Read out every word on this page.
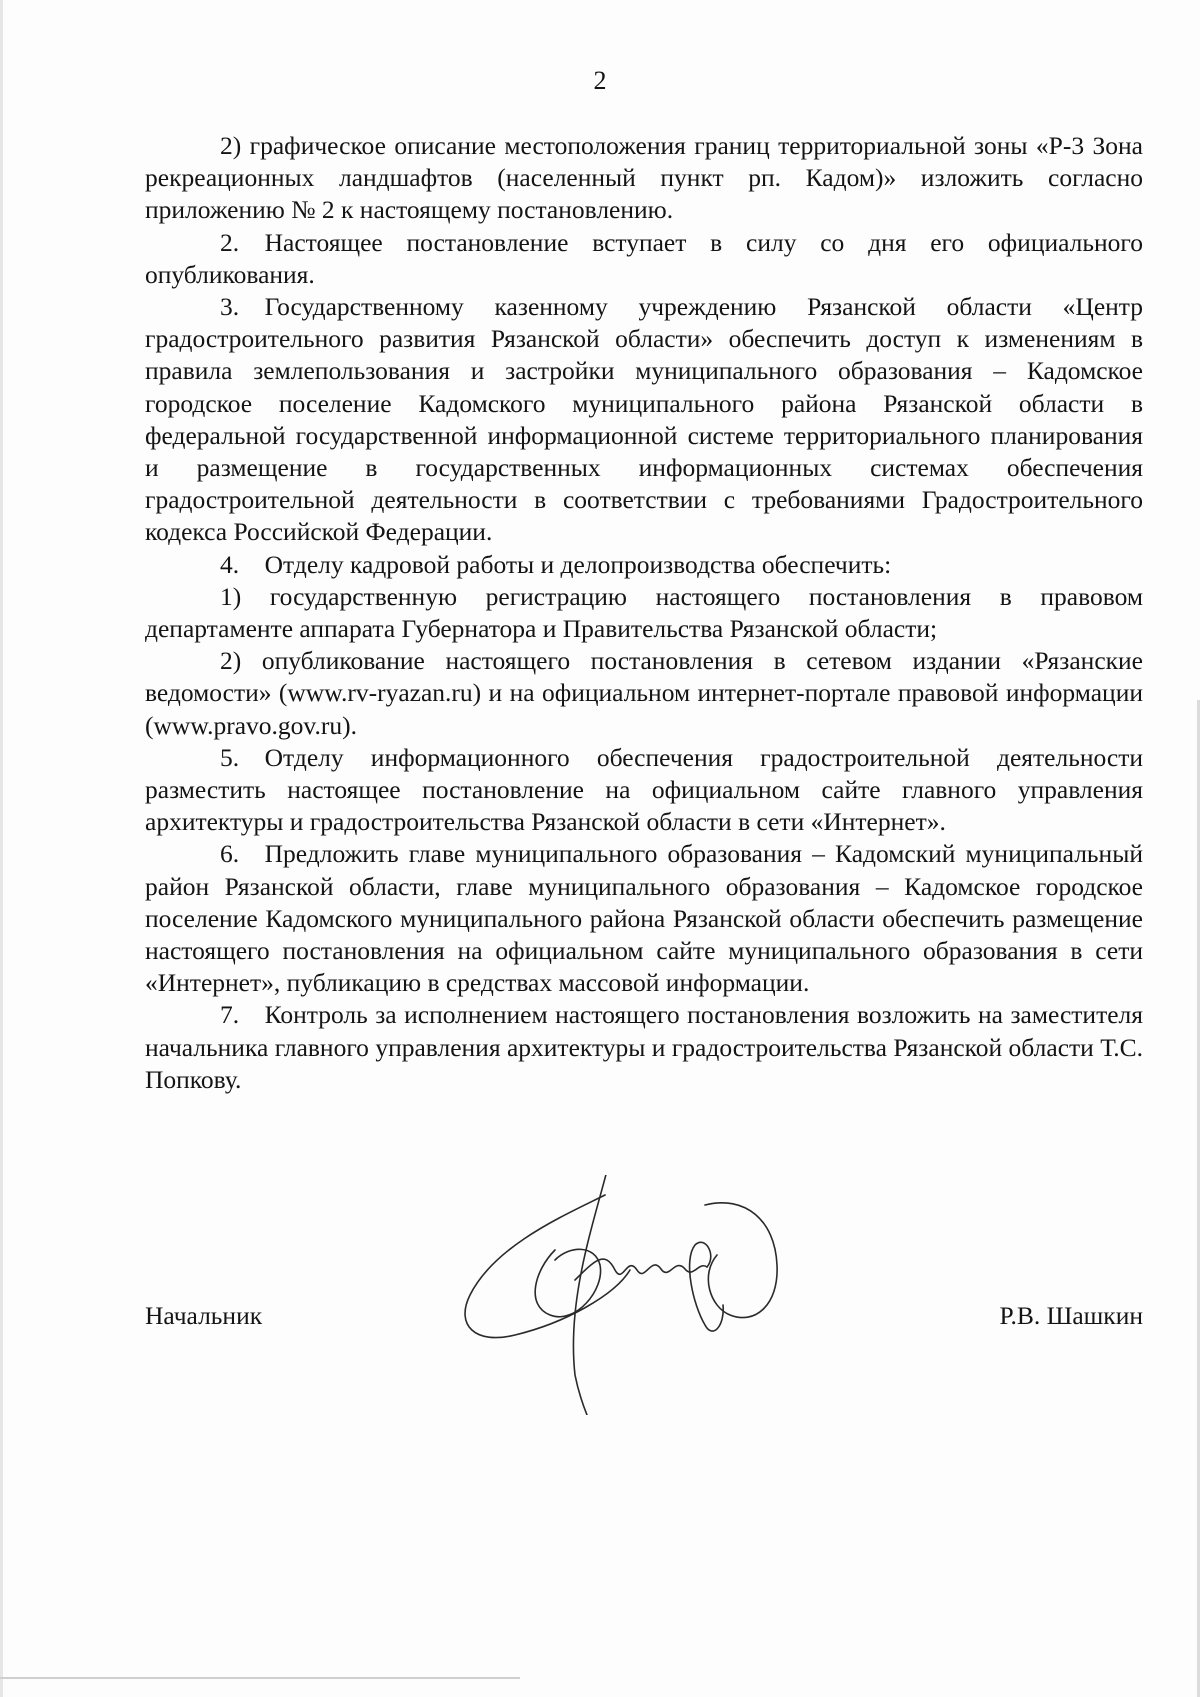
2

2) графическое описание местоположения границ территориальной зоны «Р-3 Зона рекреационных ландшафтов (населенный пункт рп. Кадом)» изложить согласно приложению № 2 к настоящему постановлению.

2. Настоящее постановление вступает в силу со дня его официального опубликования.

3. Государственному казенному учреждению Рязанской области «Центр градостроительного развития Рязанской области» обеспечить доступ к изменениям в правила землепользования и застройки муниципального образования – Кадомское городское поселение Кадомского муниципального района Рязанской области в федеральной государственной информационной системе территориального планирования и размещение в государственных информационных системах обеспечения градостроительной деятельности в соответствии с требованиями Градостроительного кодекса Российской Федерации.

4. Отделу кадровой работы и делопроизводства обеспечить:

1) государственную регистрацию настоящего постановления в правовом департаменте аппарата Губернатора и Правительства Рязанской области;

2) опубликование настоящего постановления в сетевом издании «Рязанские ведомости» (www.rv-ryazan.ru) и на официальном интернет-портале правовой информации (www.pravo.gov.ru).

5. Отделу информационного обеспечения градостроительной деятельности разместить настоящее постановление на официальном сайте главного управления архитектуры и градостроительства Рязанской области в сети «Интернет».

6. Предложить главе муниципального образования – Кадомский муниципальный район Рязанской области, главе муниципального образования – Кадомское городское поселение Кадомского муниципального района Рязанской области обеспечить размещение настоящего постановления на официальном сайте муниципального образования в сети «Интернет», публикацию в средствах массовой информации.

7. Контроль за исполнением настоящего постановления возложить на заместителя начальника главного управления архитектуры и градостроительства Рязанской области Т.С. Попкову.

Начальник	Р.В. Шашкин
